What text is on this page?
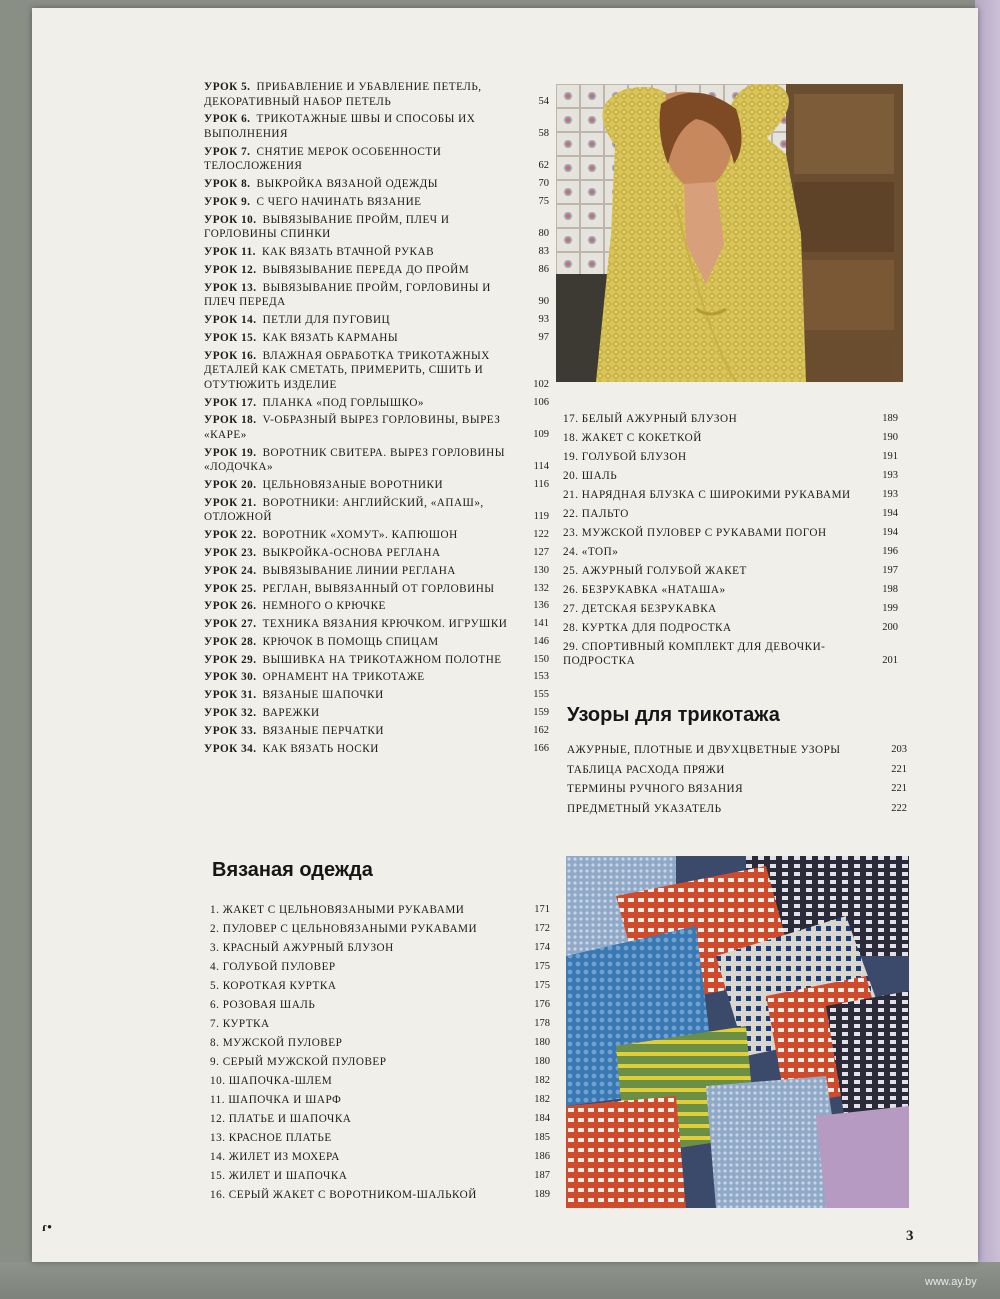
УРОК 5. ПРИБАВЛЕНИЕ И УБАВЛЕНИЕ ПЕТЕЛЬ, ДЕКОРАТИВНЫЙ НАБОР ПЕТЕЛЬ	54
УРОК 6. ТРИКОТАЖНЫЕ ШВЫ И СПОСОБЫ ИХ ВЫПОЛНЕНИЯ	58
УРОК 7. СНЯТИЕ МЕРОК ОСОБЕННОСТИ ТЕЛОСЛОЖЕНИЯ	62
УРОК 8. ВЫКРОЙКА ВЯЗАНОЙ ОДЕЖДЫ	70
УРОК 9. С ЧЕГО НАЧИНАТЬ ВЯЗАНИЕ	75
УРОК 10. ВЫВЯЗЫВАНИЕ ПРОЙМ, ПЛЕЧ И ГОРЛОВИНЫ СПИНКИ	80
УРОК 11. КАК ВЯЗАТЬ ВТАЧНОЙ РУКАВ	83
УРОК 12. ВЫВЯЗЫВАНИЕ ПЕРЕДА ДО ПРОЙМ	86
УРОК 13. ВЫВЯЗЫВАНИЕ ПРОЙМ, ГОРЛОВИНЫ И ПЛЕЧ ПЕРЕДА	90
УРОК 14. ПЕТЛИ ДЛЯ ПУГОВИЦ	93
УРОК 15. КАК ВЯЗАТЬ КАРМАНЫ	97
УРОК 16. ВЛАЖНАЯ ОБРАБОТКА ТРИКОТАЖНЫХ ДЕТАЛЕЙ КАК СМЕТАТЬ, ПРИМЕРИТЬ, СШИТЬ И ОТУТЮЖИТЬ ИЗДЕЛИЕ	102
УРОК 17. ПЛАНКА «ПОД ГОРЛЫШКО»	106
УРОК 18. V-ОБРАЗНЫЙ ВЫРЕЗ ГОРЛОВИНЫ, ВЫРЕЗ «КАРЕ»	109
УРОК 19. ВОРОТНИК СВИТЕРА. ВЫРЕЗ ГОРЛОВИНЫ «ЛОДОЧКА»	114
УРОК 20. ЦЕЛЬНОВЯЗАНЫЕ ВОРОТНИКИ	116
УРОК 21. ВОРОТНИКИ: АНГЛИЙСКИЙ, «АПАШ», ОТЛОЖНОЙ	119
УРОК 22. ВОРОТНИК «ХОМУТ». КАПЮШОН	122
УРОК 23. ВЫКРОЙКА-ОСНОВА РЕГЛАНА	127
УРОК 24. ВЫВЯЗЫВАНИЕ ЛИНИИ РЕГЛАНА	130
УРОК 25. РЕГЛАН, ВЫВЯЗАННЫЙ ОТ ГОРЛОВИНЫ	132
УРОК 26. НЕМНОГО О КРЮЧКЕ	136
УРОК 27. ТЕХНИКА ВЯЗАНИЯ КРЮЧКОМ. ИГРУШКИ	141
УРОК 28. КРЮЧОК В ПОМОЩЬ СПИЦАМ	146
УРОК 29. ВЫШИВКА НА ТРИКОТАЖНОМ ПОЛОТНЕ	150
УРОК 30. ОРНАМЕНТ НА ТРИКОТАЖЕ	153
УРОК 31. ВЯЗАНЫЕ ШАПОЧКИ	155
УРОК 32. ВАРЕЖКИ	159
УРОК 33. ВЯЗАНЫЕ ПЕРЧАТКИ	162
УРОК 34. КАК ВЯЗАТЬ НОСКИ	166
17. БЕЛЫЙ АЖУРНЫЙ БЛУЗОН	189
18. ЖАКЕТ С КОКЕТКОЙ	190
19. ГОЛУБОЙ БЛУЗОН	191
20. ШАЛЬ	193
21. НАРЯДНАЯ БЛУЗКА С ШИРОКИМИ РУКАВАМИ	193
22. ПАЛЬТО	194
23. МУЖСКОЙ ПУЛОВЕР С РУКАВАМИ ПОГОН	194
24. «ТОП»	196
25. АЖУРНЫЙ ГОЛУБОЙ ЖАКЕТ	197
26. БЕЗРУКАВКА «НАТАША»	198
27. ДЕТСКАЯ БЕЗРУКАВКА	199
28. КУРТКА ДЛЯ ПОДРОСТКА	200
29. СПОРТИВНЫЙ КОМПЛЕКТ ДЛЯ ДЕВОЧКИ-ПОДРОСТКА	201
Вязаная одежда
1. ЖАКЕТ С ЦЕЛЬНОВЯЗАНЫМИ РУКАВАМИ	171
2. ПУЛОВЕР С ЦЕЛЬНОВЯЗАНЫМИ РУКАВАМИ	172
3. КРАСНЫЙ АЖУРНЫЙ БЛУЗОН	174
4. ГОЛУБОЙ ПУЛОВЕР	175
5. КОРОТКАЯ КУРТКА	175
6. РОЗОВАЯ ШАЛЬ	176
7. КУРТКА	178
8. МУЖСКОЙ ПУЛОВЕР	180
9. СЕРЫЙ МУЖСКОЙ ПУЛОВЕР	180
10. ШАПОЧКА-ШЛЕМ	182
11. ШАПОЧКА И ШАРФ	182
12. ПЛАТЬЕ И ШАПОЧКА	184
13. КРАСНОЕ ПЛАТЬЕ	185
14. ЖИЛЕТ ИЗ МОХЕРА	186
15. ЖИЛЕТ И ШАПОЧКА	187
16. СЕРЫЙ ЖАКЕТ С ВОРОТНИКОМ-ШАЛЬКОЙ	189
Узоры для трикотажа
АЖУРНЫЕ, ПЛОТНЫЕ И ДВУХЦВЕТНЫЕ УЗОРЫ	203
ТАБЛИЦА РАСХОДА ПРЯЖИ	221
ТЕРМИНЫ РУЧНОГО ВЯЗАНИЯ	221
ПРЕДМЕТНЫЙ УКАЗАТЕЛЬ	222
3
ɾ•
www.ay.by
